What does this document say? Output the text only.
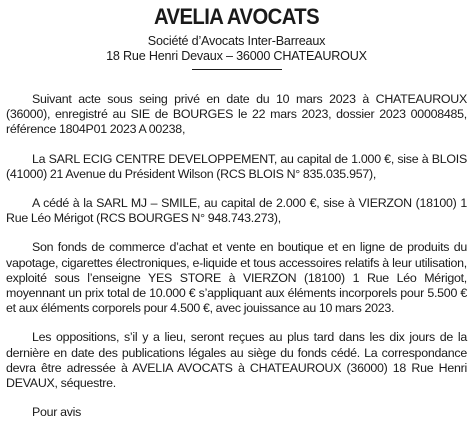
AVELIA AVOCATS
Société d’Avocats Inter-Barreaux
18 Rue Henri Devaux – 36000 CHATEAUROUX

Suivant acte sous seing privé en date du 10 mars 2023 à CHATEAUROUX (36000), enregistré au SIE de BOURGES le 22 mars 2023, dossier 2023 00008485, référence 1804P01 2023 A 00238,

La SARL ECIG CENTRE DEVELOPPEMENT, au capital de 1.000 €, sise à BLOIS (41000) 21 Avenue du Président Wilson (RCS BLOIS N° 835.035.957),

A cédé à la SARL MJ – SMILE, au capital de 2.000 €, sise à VIERZON (18100) 1 Rue Léo Mérigot (RCS BOURGES N° 948.743.273),

Son fonds de commerce d’achat et vente en boutique et en ligne de produits du vapotage, cigarettes électroniques, e-liquide et tous accessoires relatifs à leur utilisation, exploité sous l’enseigne YES STORE à VIERZON (18100) 1 Rue Léo Mérigot, moyennant un prix total de 10.000 € s’appliquant aux éléments incorporels pour 5.500 € et aux éléments corporels pour 4.500 €, avec jouissance au 10 mars 2023.

Les oppositions, s’il y a lieu, seront reçues au plus tard dans les dix jours de la dernière en date des publications légales au siège du fonds cédé. La correspondance devra être adressée à AVELIA AVOCATS à CHATEAUROUX (36000) 18 Rue Henri DEVAUX, séquestre.

Pour avis
